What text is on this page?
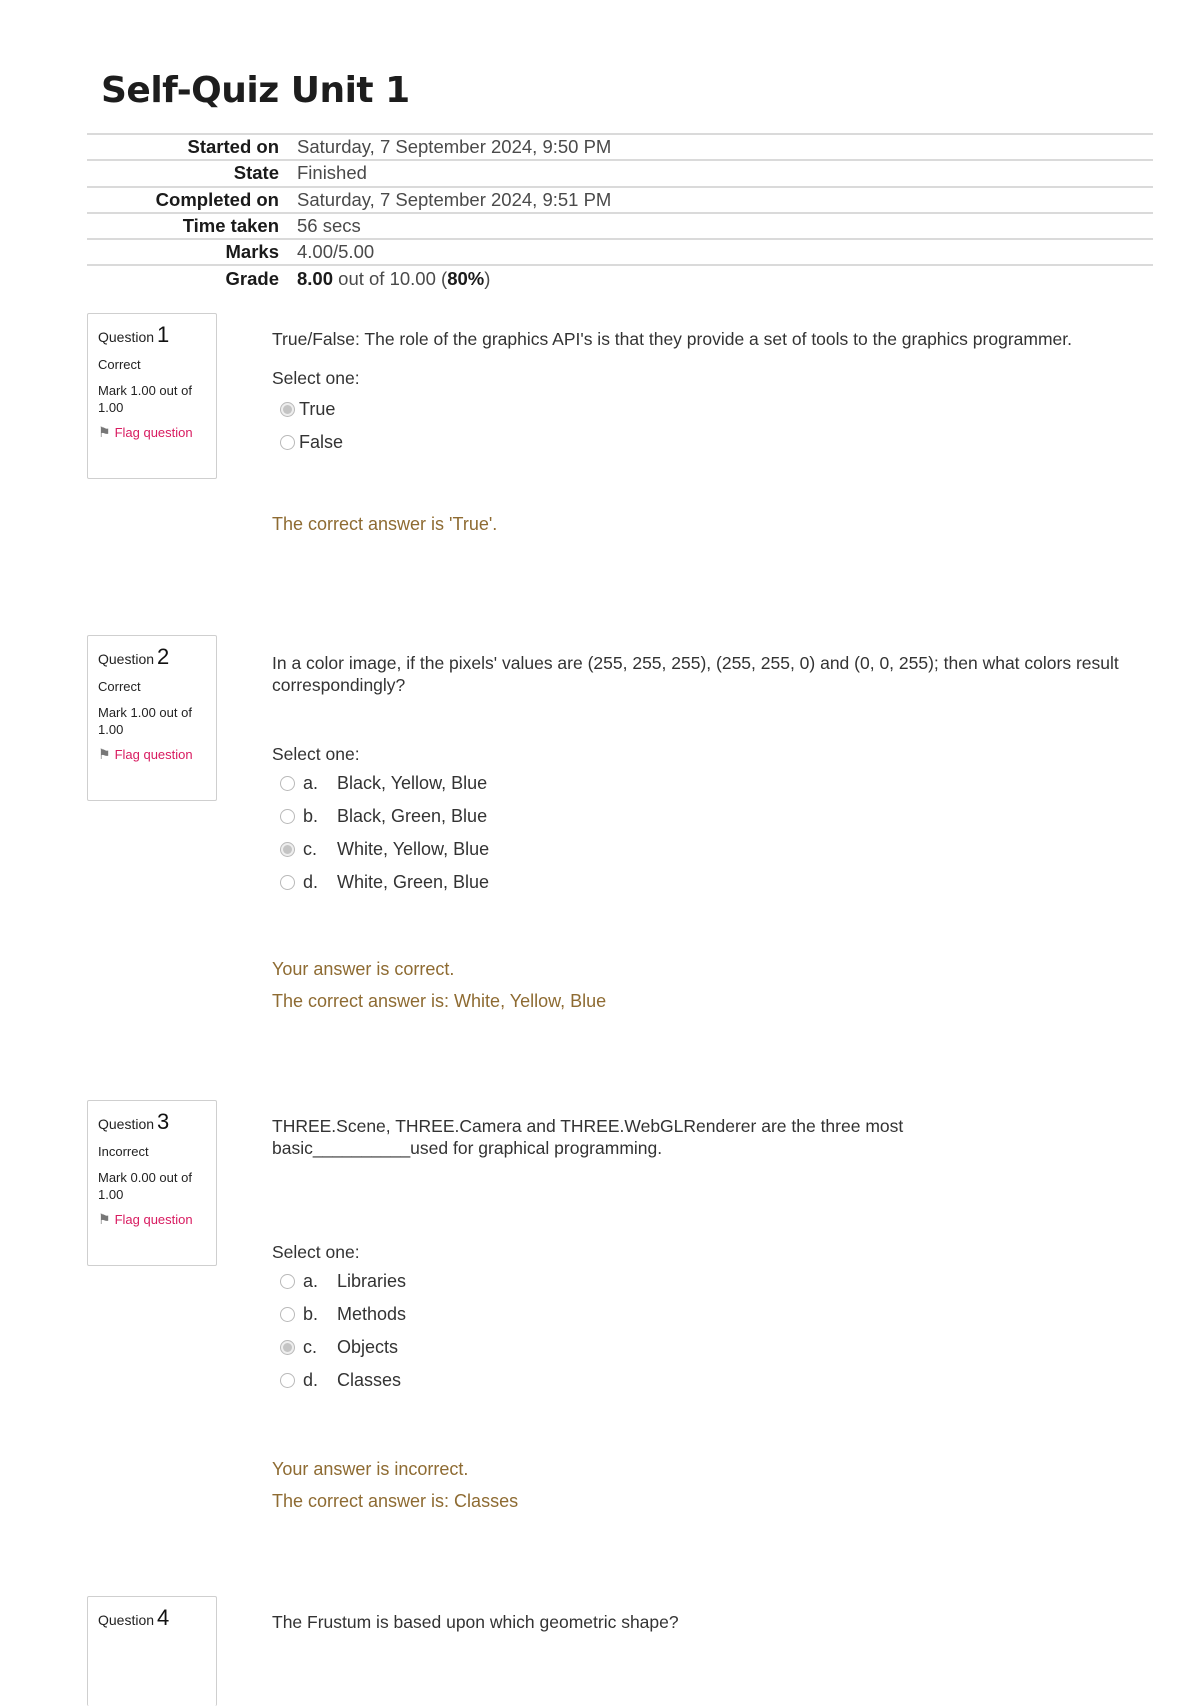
Self-Quiz Unit 1
Started on	Saturday, 7 September 2024, 9:50 PM
State	Finished
Completed on	Saturday, 7 September 2024, 9:51 PM
Time taken	56 secs
Marks	4.00/5.00
Grade	8.00 out of 10.00 (80%)
Question 1
Correct
Mark 1.00 out of 1.00
⚑ Flag question

True/False: The role of the graphics API's is that they provide a set of tools to the graphics programmer.

Select one:

True
False

The correct answer is 'True'.

Question 2
Correct
Mark 1.00 out of 1.00
⚑ Flag question

In a color image, if the pixels' values are (255, 255, 255), (255, 255, 0) and (0, 0, 255); then what colors result correspondingly?

Select one:

a.	Black, Yellow, Blue
b.	Black, Green, Blue
c.	White, Yellow, Blue
d.	White, Green, Blue

Your answer is correct.

The correct answer is: White, Yellow, Blue

Question 3
Incorrect
Mark 0.00 out of 1.00
⚑ Flag question

THREE.Scene, THREE.Camera and THREE.WebGLRenderer are the three most basic__________used for graphical programming.

Select one:

a.	Libraries
b.	Methods
c.	Objects
d.	Classes

Your answer is incorrect.

The correct answer is: Classes

Question 4	The Frustum is based upon which geometric shape?
